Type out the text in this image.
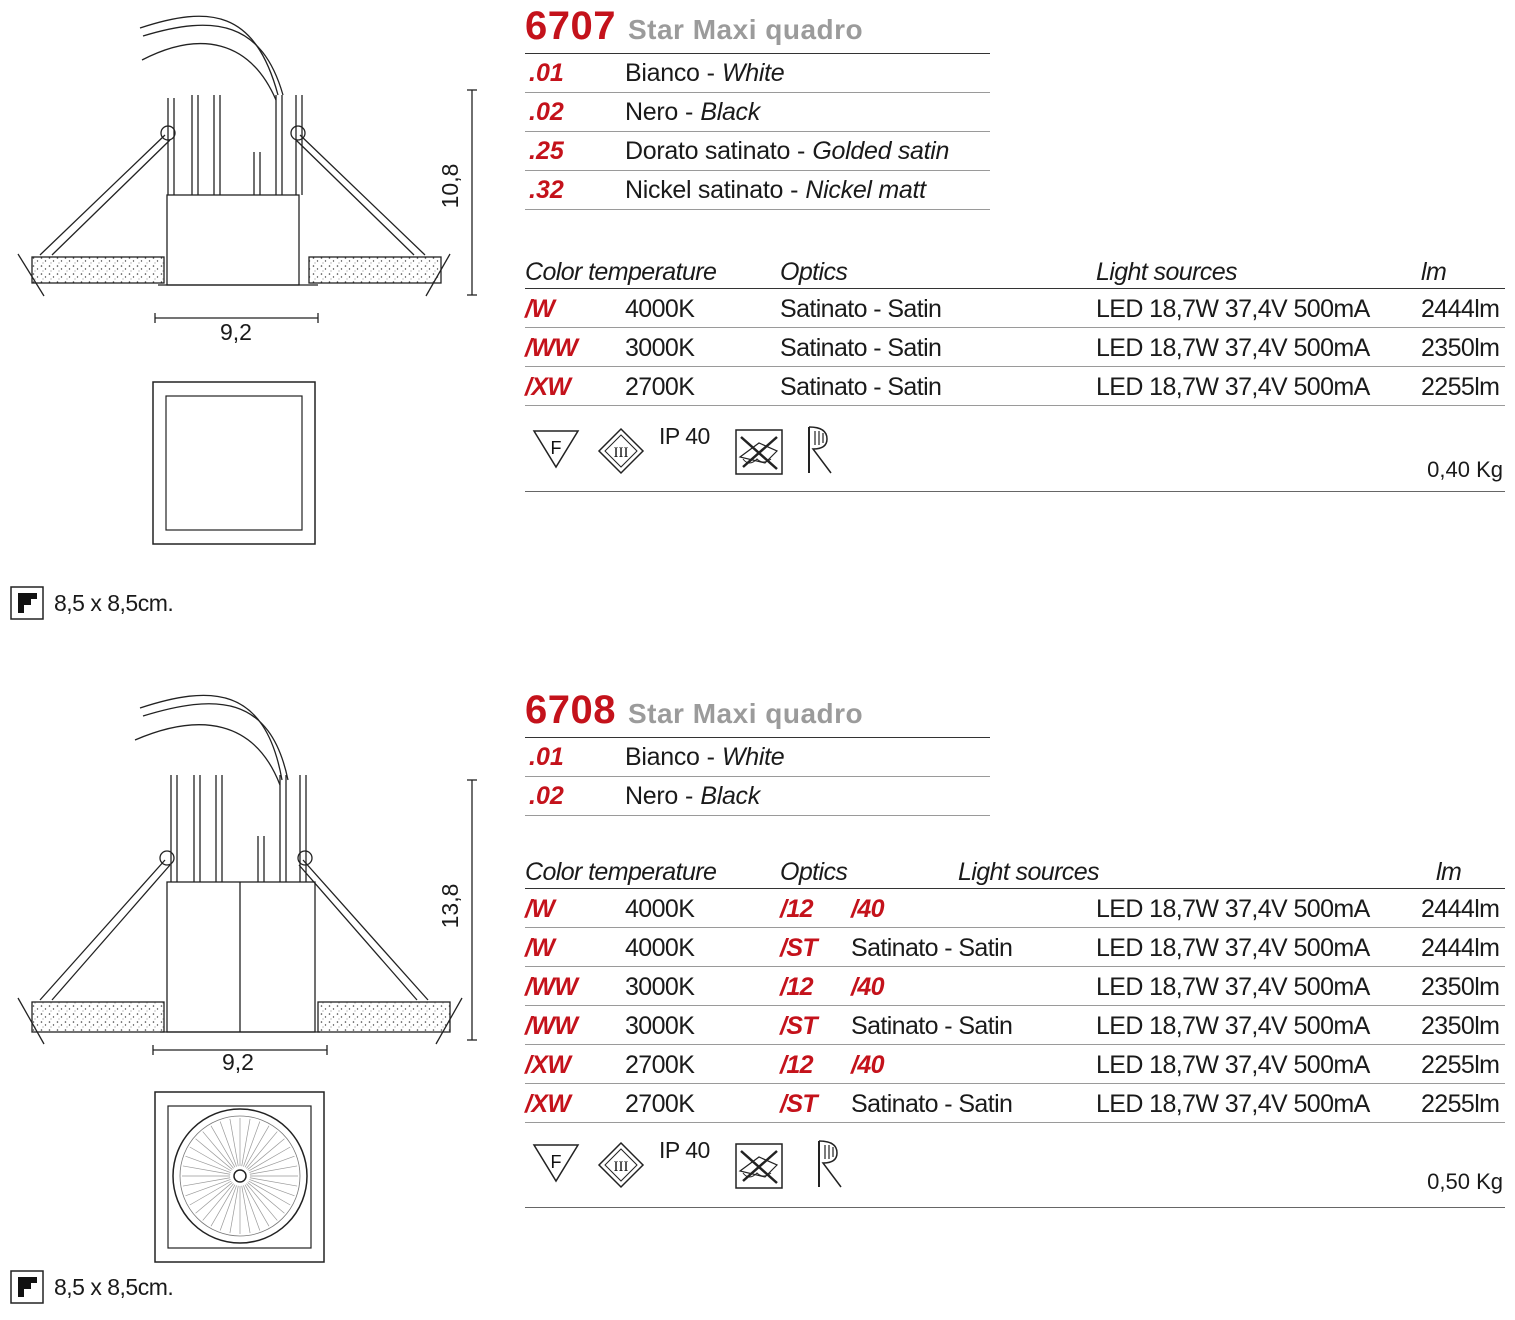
10,8
9,2
8,5 x 8,5cm.
6707 Star Maxi quadro
.01	Bianco - White
.02	Nero - Black
.25	Dorato satinato - Golded satin
.32	Nickel satinato - Nickel matt
Color temperature	Optics	Light sources	lm
/W	4000K	Satinato - Satin	LED 18,7W 37,4V 500mA 2444lm
/WW 3000K	Satinato - Satin	LED 18,7W 37,4V 500mA 2350lm
/XW 2700K	Satinato - Satin	LED 18,7W 37,4V 500mA 2255lm
F	III
IP 40
0,40 Kg
13,8
9,2
8,5 x 8,5cm.
6708 Star Maxi quadro
.01	Bianco - White
.02	Nero - Black
Color temperature	Optics	Light sources	lm
/W	4000K	/12 /40	LED 18,7W 37,4V 500mA 2444lm
/W	4000K	/ST Satinato - Satin	LED 18,7W 37,4V 500mA 2444lm
/WW 3000K	/12 /40	LED 18,7W 37,4V 500mA 2350lm
/WW 3000K	/ST Satinato - Satin	LED 18,7W 37,4V 500mA 2350lm
/XW 2700K	/12 /40	LED 18,7W 37,4V 500mA 2255lm
/XW 2700K	/ST Satinato - Satin	LED 18,7W 37,4V 500mA 2255lm
F	III
IP 40
0,50 Kg
